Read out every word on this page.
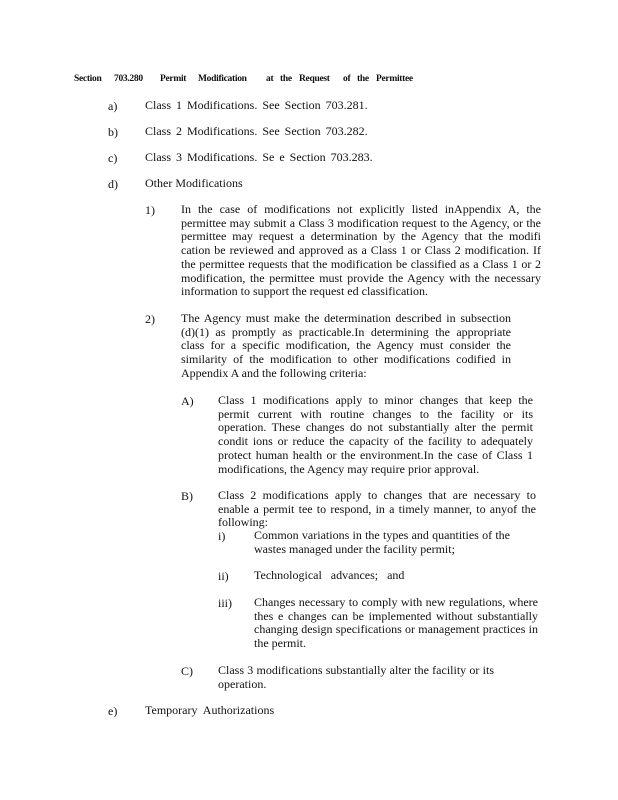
Section 703.280 Permit Modification at the Request of the Permittee
a) Class 1 Modifications. See Section 703.281.
b) Class 2 Modifications. See Section 703.282.
c) Class 3 Modifications. Se e Section 703.283.
d) Other Modifications
1) In the case of modifications not explicitly listed inAppendix A, the permittee may submit a Class 3 modification request to the Agency, or the permittee may request a determination by the Agency that the modifi cation be reviewed and approved as a Class 1 or Class 2 modification. If the permittee requests that the modification be classified as a Class 1 or 2 modification, the permittee must provide the Agency with the necessary information to support the request ed classification.
2) The Agency must make the determination described in subsection (d)(1) as promptly as practicable.In determining the appropriate class for a specific modification, the Agency must consider the similarity of the modification to other modifications codified in Appendix A and the following criteria:
A) Class 1 modifications apply to minor changes that keep the permit current with routine changes to the facility or its operation. These changes do not substantially alter the permit condit ions or reduce the capacity of the facility to adequately protect human health or the environment.In the case of Class 1 modifications, the Agency may require prior approval.
B) Class 2 modifications apply to changes that are necessary to enable a permit tee to respond, in a timely manner, to anyof the following:
i) Common variations in the types and quantities of the wastes managed under the facility permit;
ii) Technological advances; and
iii) Changes necessary to comply with new regulations, where thes e changes can be implemented without substantially changing design specifications or management practices in the permit.
C) Class 3 modifications substantially alter the facility or its operation.
e) Temporary Authorizations
